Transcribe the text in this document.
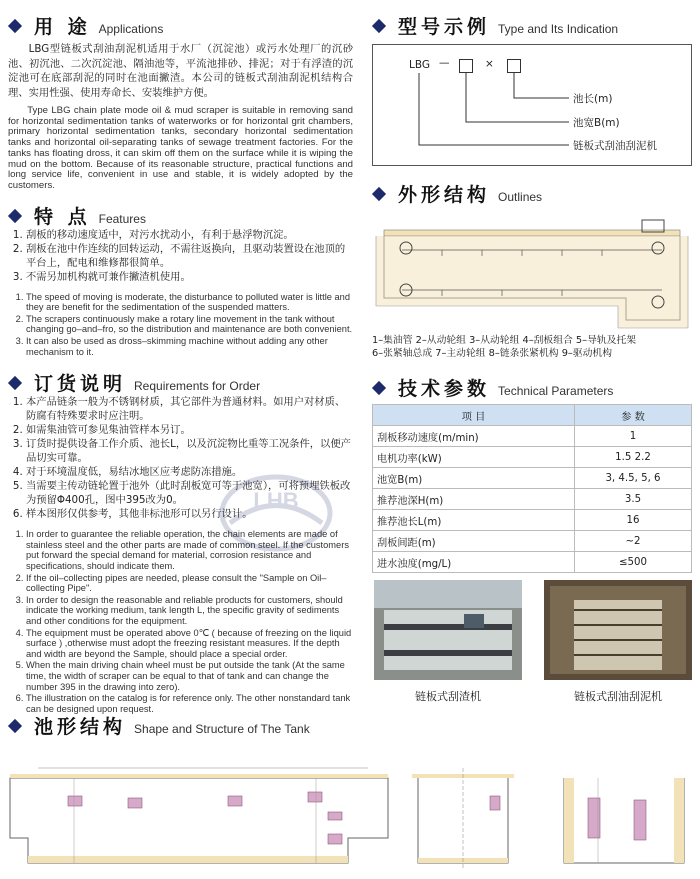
用 途 Applications

LBG型链板式刮油刮泥机适用于水厂（沉淀池）或污水处理厂的沉砂池、初沉池、二次沉淀池、隔油池等，平流池排砂、排泥；对于有浮渣的沉淀池可在底部刮泥的同时在池面撇渣。本公司的链板式刮油刮泥机结构合理、实用性强、使用寿命长、安装维护方便。

Type LBG chain plate mode oil & mud scraper is suitable in removing sand for horizontal sedimentation tanks of waterworks or for horizontal grit chambers, primary horizontal sedimentation tanks, secondary horizontal sedimentation tanks and horizontal oil-separating tanks of sewage treatment factories. For the tanks has floating dross, it can skim off them on the surface while it is wiping the mud on the bottom. Because of its reasonable structure, practical functions and long service life, convenient in use and stable, it is widely adopted by the customers.

特 点 Features
1. 刮板的移动速度适中，对污水扰动小，有利于悬浮物沉淀。
2. 刮板在池中作连续的回转运动，不需往返换向，且驱动装置设在池顶的平台上，配电和维修都很简单。
3. 不需另加机构就可兼作撇渣机使用。
1. The speed of moving is moderate, the disturbance to polluted water is little and they are benefit for the sedimentation of the suspended matters.
2. The scrapers continuously make a rotary line movement in the tank without changing go–and–fro, so the distribution and maintenance are both convenient.
3. It can also be used as dross–skimming machine without adding any other mechanism to it.
订货说明 Requirements for Order
1. 本产品链条一般为不锈钢材质，其它部件为普通材料。如用户对材质、防腐有特殊要求时应注明。
2. 如需集油管可参见集油管样本另订。
3. 订货时提供设备工作介质、池长L，以及沉淀物比重等工况条件，以便产品切实可靠。
4. 对于环境温度低，易结冰地区应考虑防冻措施。
5. 当需要主传动链轮置于池外（此时刮板宽可等于池宽），可将预埋铁板改为预留Φ400孔，图中395改为0。
6. 样本图形仅供参考，其他非标池形可以另行设计。
1. In order to guarantee the reliable operation, the chain elements are made of stainless steel and the other parts are made of common steel. If the customers put forward the special demand for material, corrosion resistance and specifications, should indicate them.
2. If the oil–collecting pipes are needed, please consult the "Sample on Oil–collecting Pipe".
3. In order to design the reasonable and reliable products for customers, should indicate the working medium, tank length L, the specific gravity of sediments and other conditions for the equipment.
4. The equipment must be operated above 0℃ ( because of freezing on the liquid surface ) ,otherwise must adopt the freezing resistant measures. If the depth and width are beyond the Sample, should place a special order.
5. When the main driving chain wheel must be put outside the tank (At the same time, the width of scraper can be equal to that of tank and can change the number 395 in the drawing into zero).
6. The illustration on the catalog is for reference only. The other nonstandard tank can be designed upon request.
LHB
型号示例 Type and Its Indication
LBG —	×
池长(m)
池宽B(m)
链板式刮油刮泥机
外形结构 Outlines
1–集油管 2–从动轮组 3–从动轮组 4–刮板组合 5–导轨及托架
6–张紧轴总成 7–主动轮组 8–链条张紧机构 9–驱动机构
技术参数 Technical Parameters
项 目	参 数
刮板移动速度(m/min)	1
电机功率(kW)	1.5 2.2
池宽B(m)	3, 4.5, 5, 6
推荐池深H(m)	3.5
推荐池长L(m)	16
刮板间距(m)	~2
进水浊度(mg/L)	≤500
链板式刮渣机	链板式刮油刮泥机
池形结构 Shape and Structure of The Tank
